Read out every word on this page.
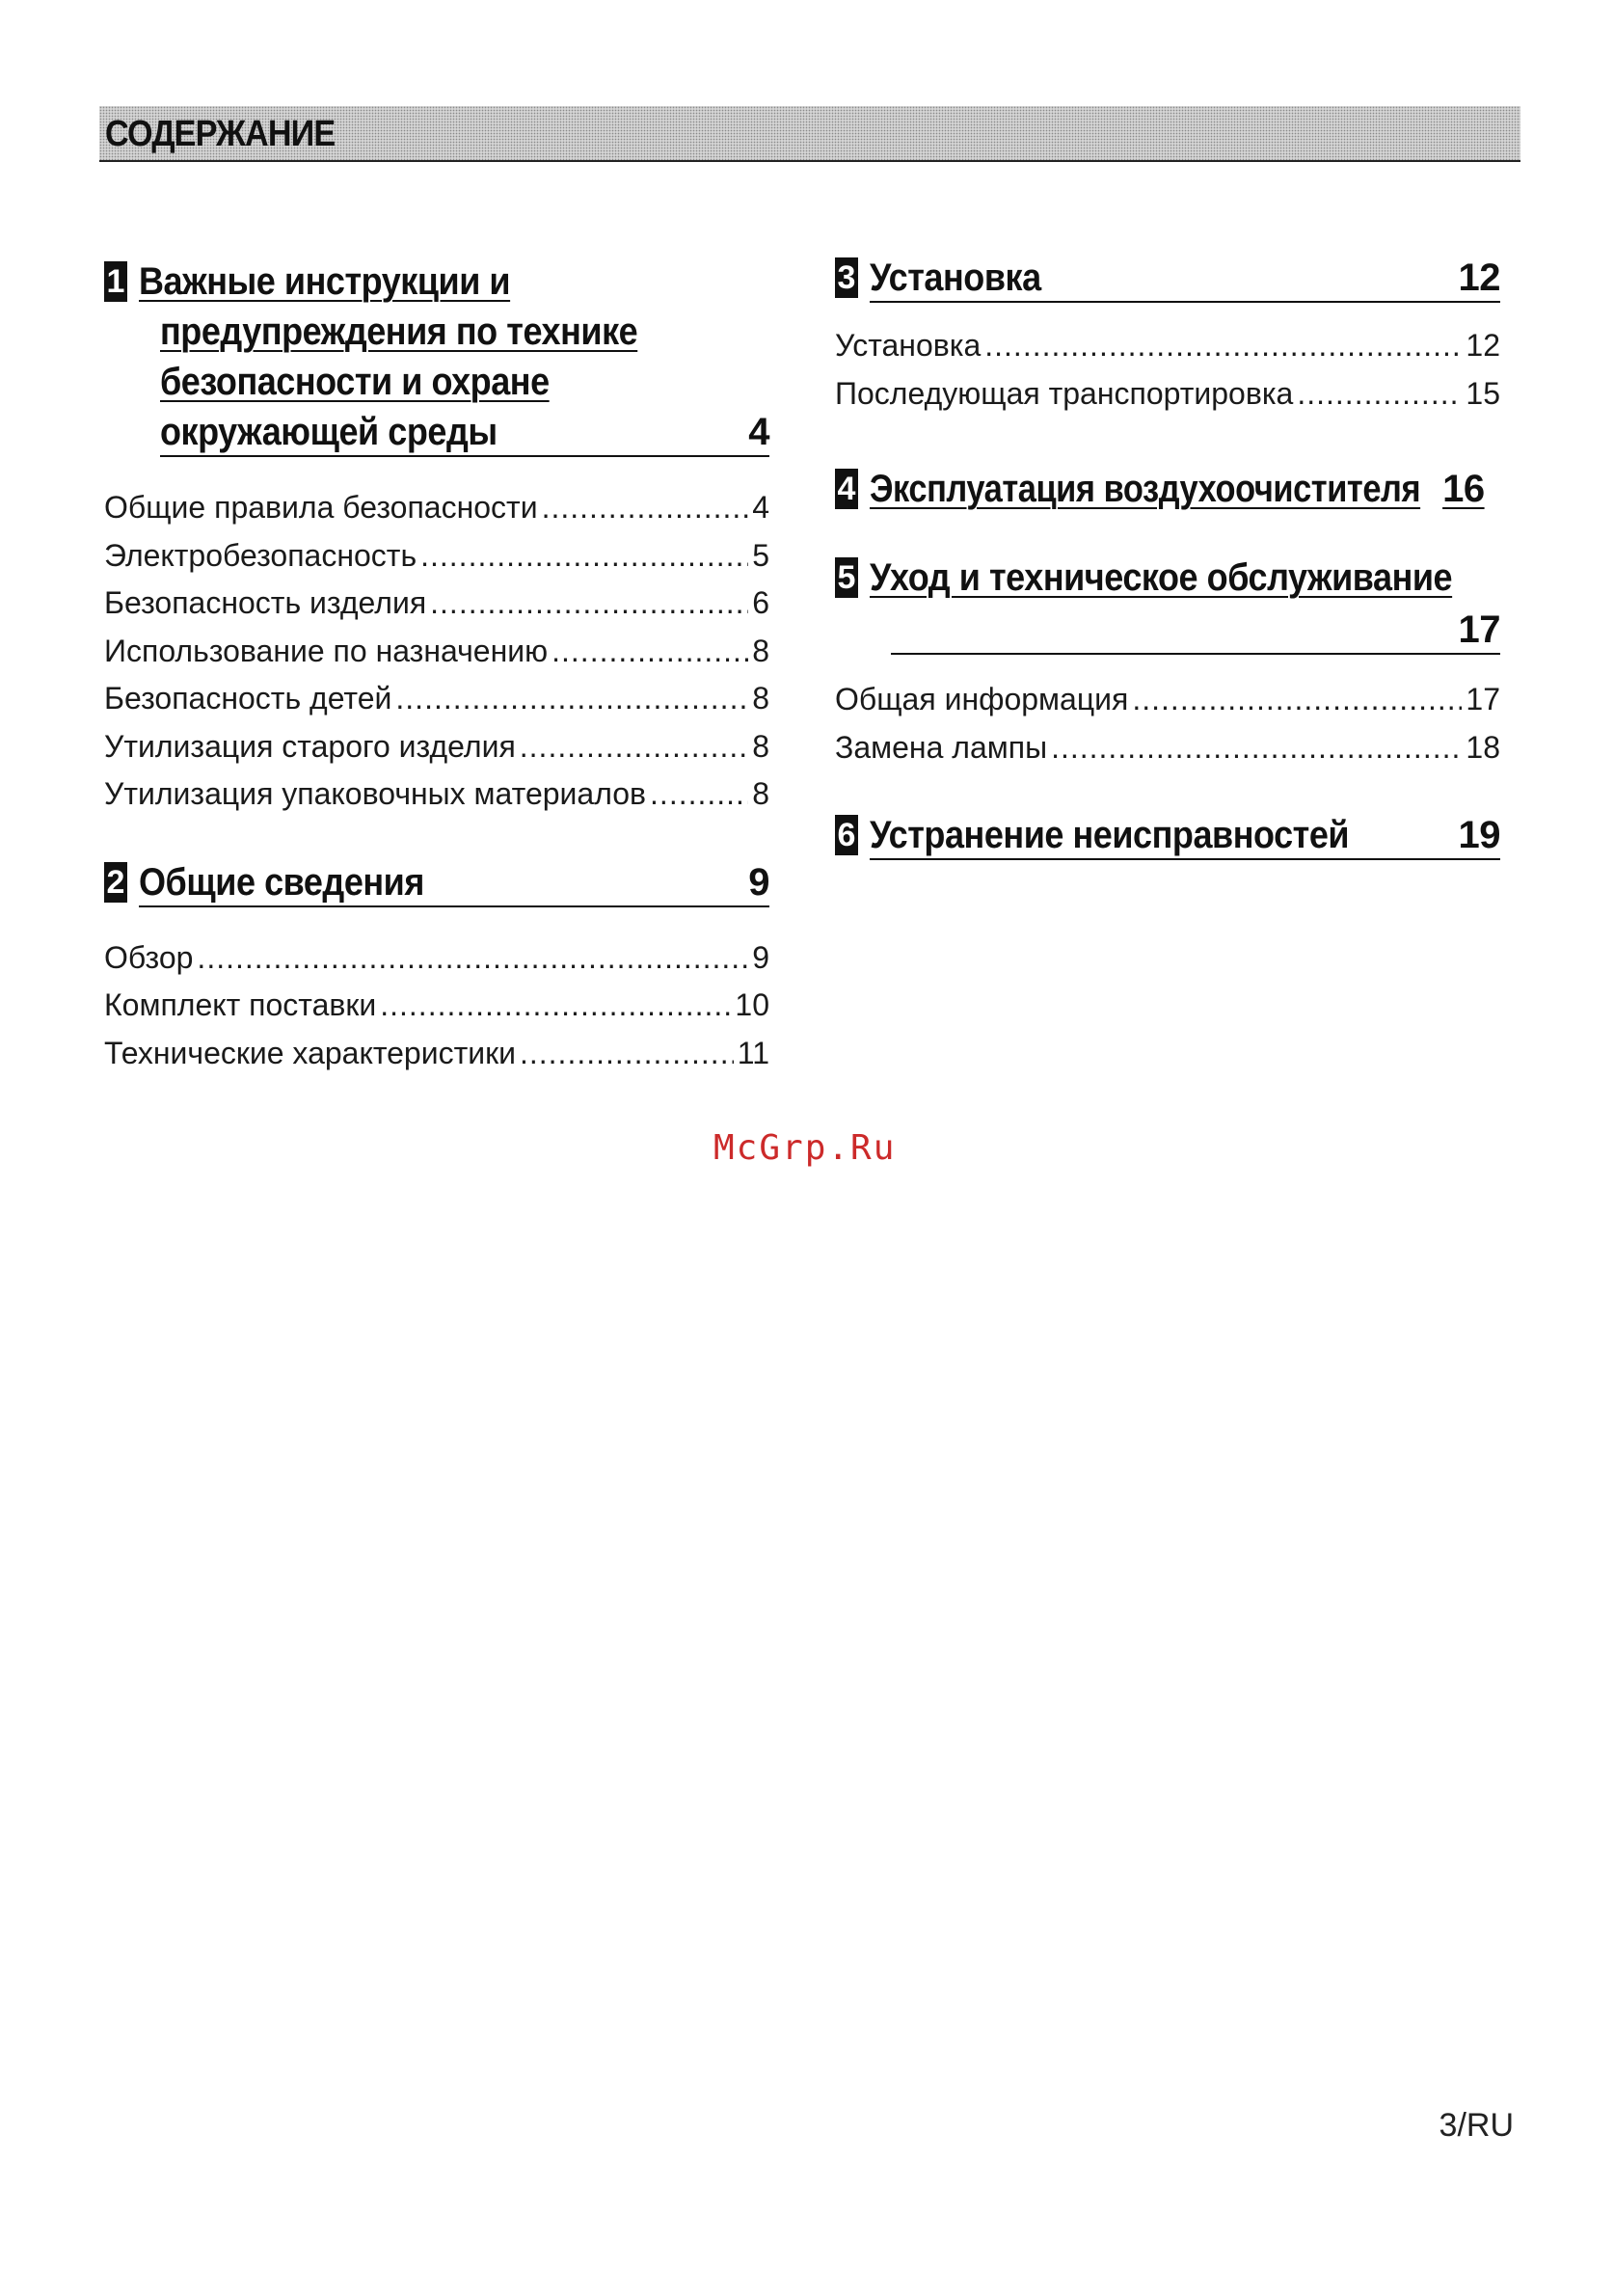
СОДЕРЖАНИЕ
1 Важные инструкции и
предупреждения по технике
безопасности и охране
окружающей среды	4
Общие правила безопасности .....	4
Электробезопасность .....	5
Безопасность изделия .....	6
Использование по назначению .....	8
Безопасность детей .....	8
Утилизация старого изделия .....	8
Утилизация упаковочных материалов .....	8
2 Общие сведения	9
Обзор .....	9
Комплект поставки .....	10
Технические характеристики .....	11
3 Установка	12
Установка .....	12
Последующая транспортировка .....	15
4 Эксплуатация воздухоочистителя 16
5 Уход и техническое обслуживание
17
Общая информация .....	17
Замена лампы .....	18
6 Устранение неисправностей	19
McGrp.Ru
3/RU
